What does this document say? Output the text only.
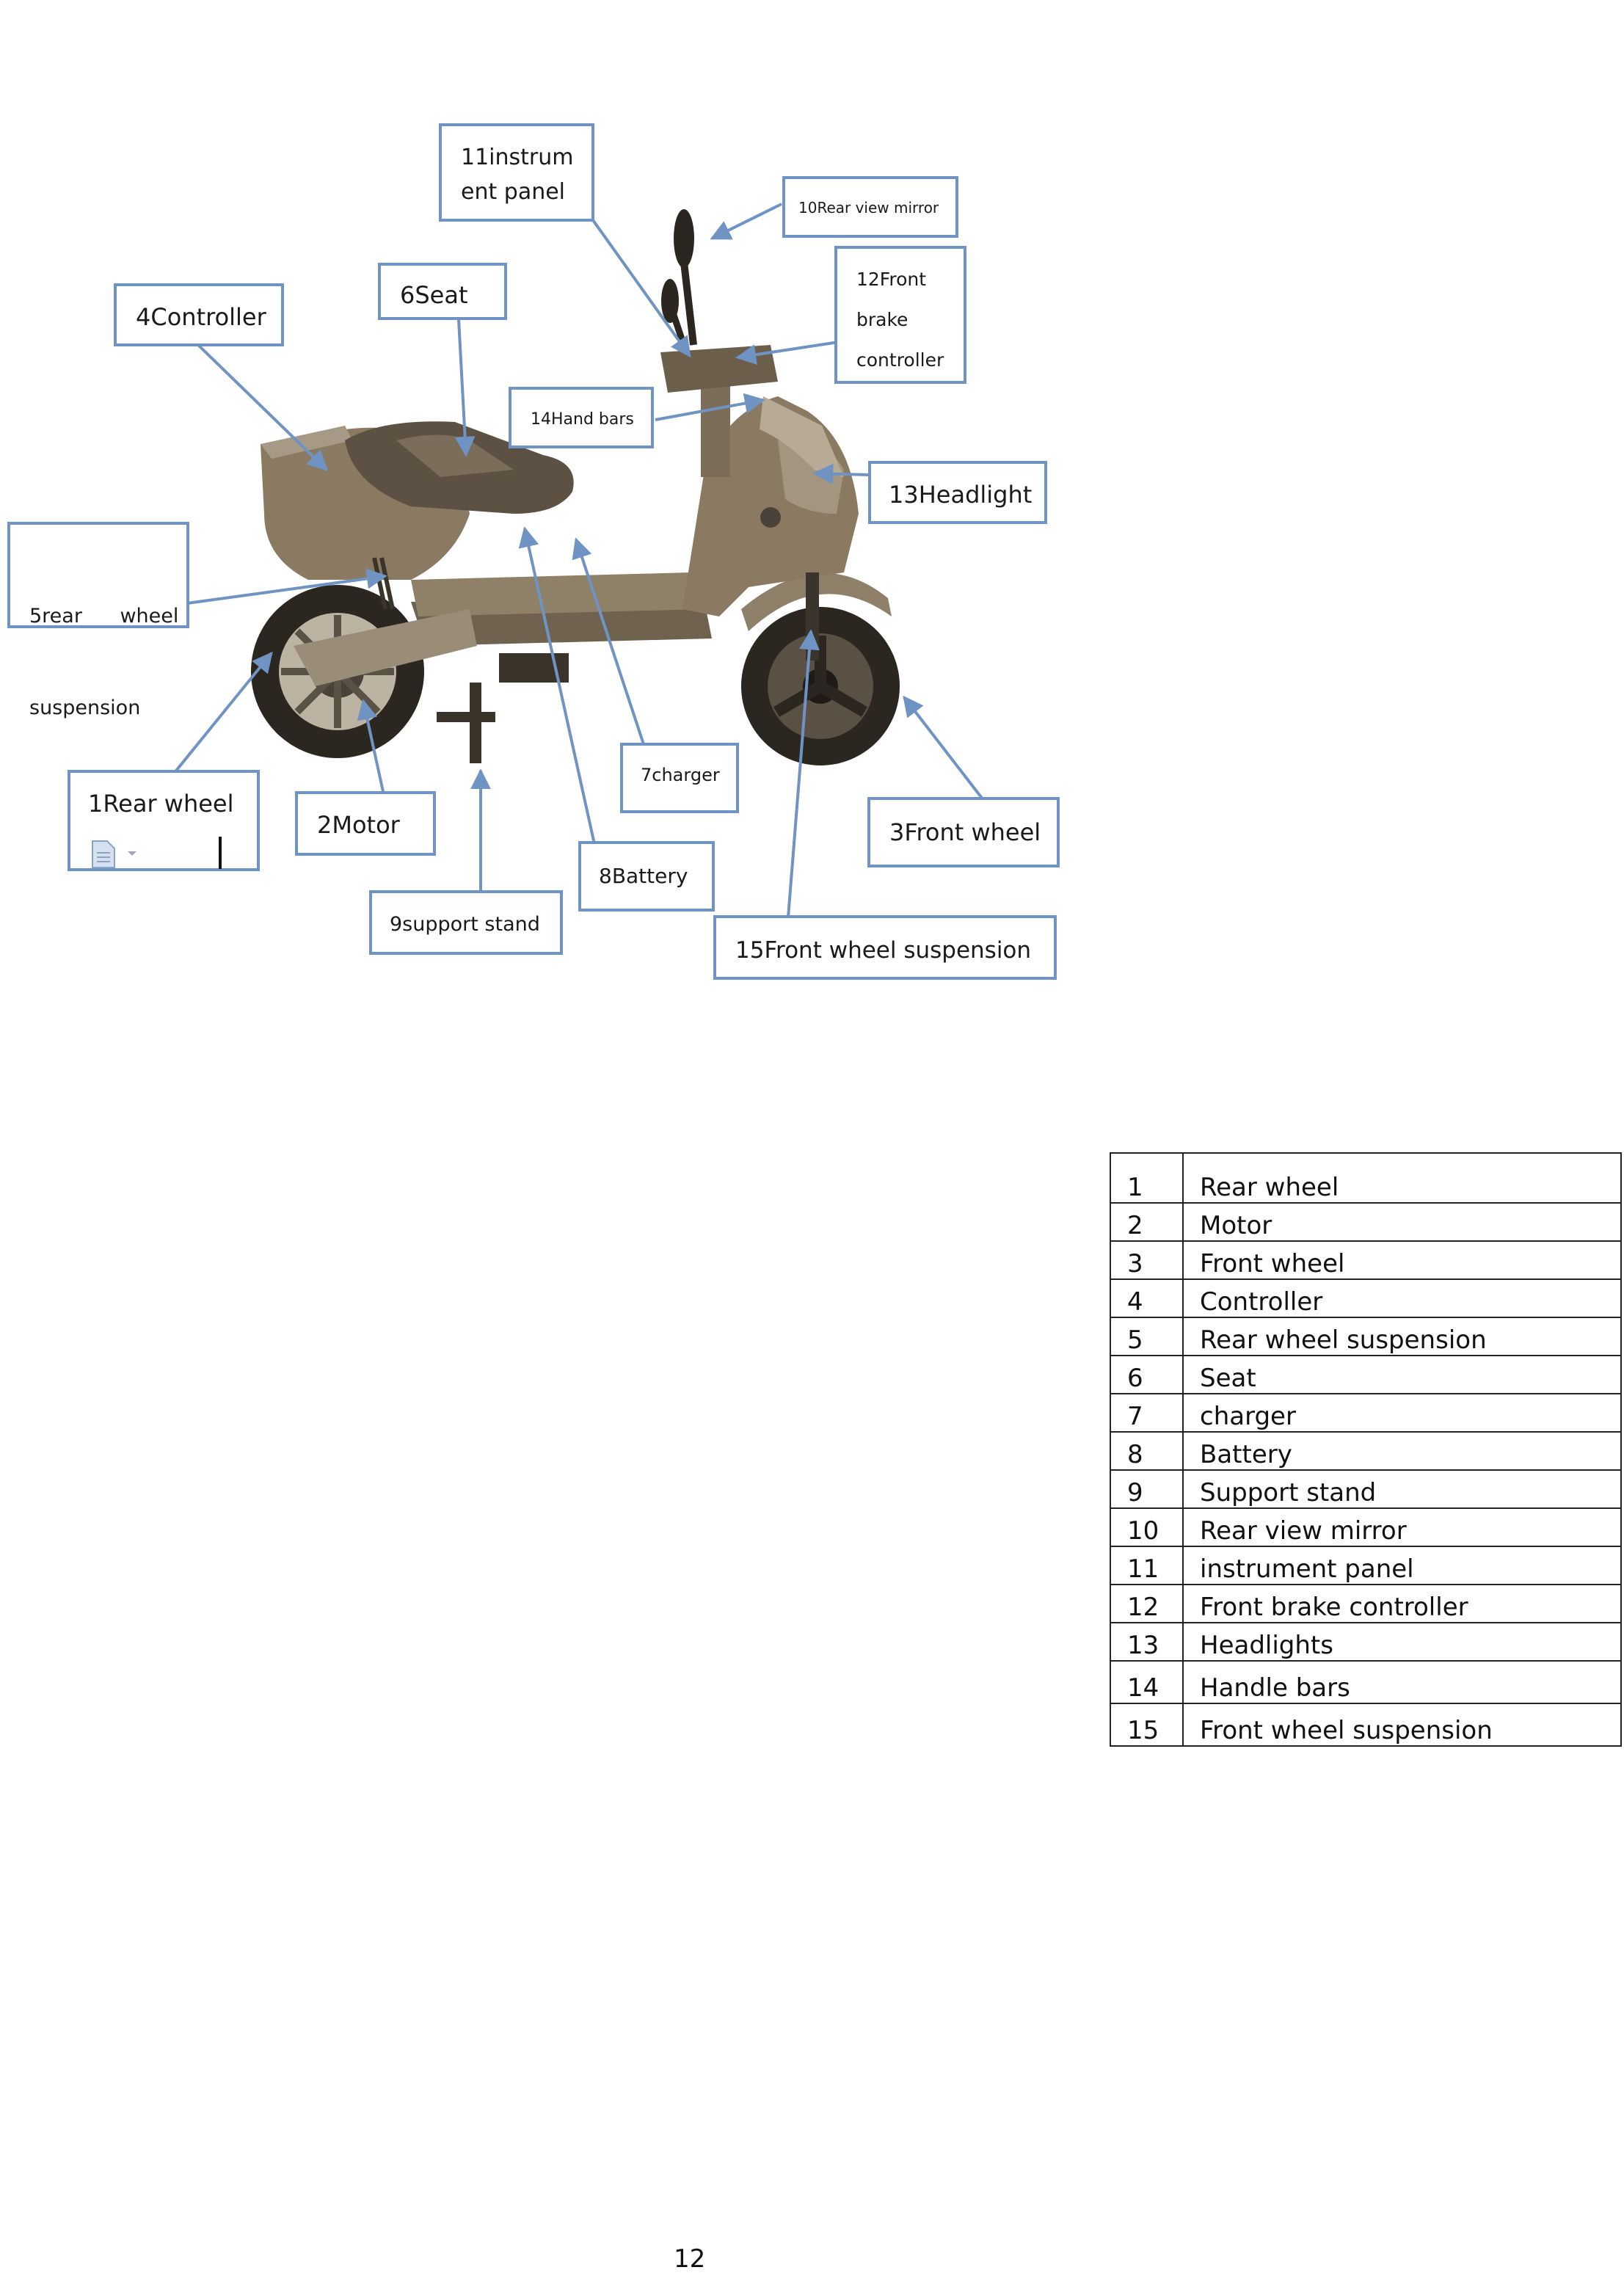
11instrum
ent panel
10Rear view mirror
4Controller
6Seat
12Front
brake
controller
14Hand bars
13Headlight

5rear      wheel

suspension

7charger
1Rear wheel
2Motor	3Front wheel
8Battery
9support stand
15Front wheel suspension
1	Rear wheel
2	Motor
3	Front wheel
4	Controller
5	Rear wheel suspension
6	Seat
7	charger
8	Battery
9	Support stand
10	Rear view mirror
11	instrument panel
12	Front brake controller
13	Headlights
14	Handle bars
15	Front wheel suspension
12
